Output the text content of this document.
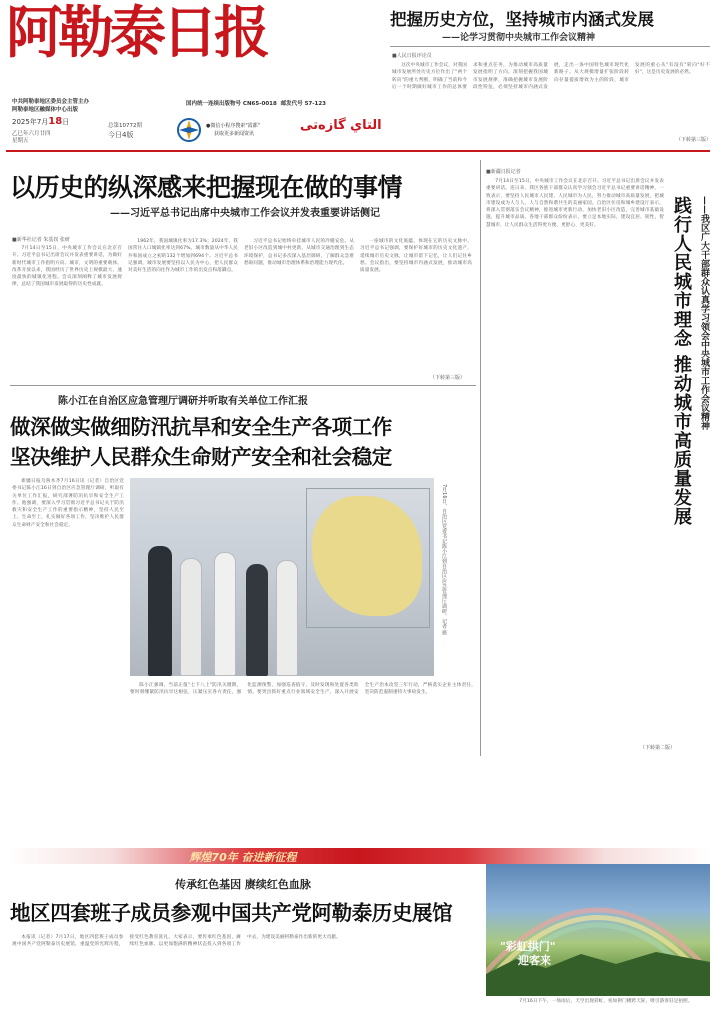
阿勒泰日报
中共阿勒泰地区委员会主管主办
阿勒泰地区融媒体中心出版
2025年7月18日
乙巳年六月廿四
星期五
总第10772期
今日4版
国内统一连续出版物号 CN65-0018 邮发代号 57-123
●微信小程序搜索"霞都"
获取更多新闻资讯
التاي گازەتى
把握历史方位，坚持城市内涵式发展
——论学习贯彻中央城市工作会议精神
■人民日报评论员

这次中央城市工作会议，对我国城市发展所处历史方位作出了"两个转向"的重大判断，明确了当前和今后一个时期做好城市工作的总体要求和重点任务，为推动城市高质量发展指明了方向。深刻把握我国城市发展规律，准确把握城市发展阶段性特征，必须坚持城市内涵式发展，走出一条中国特色城市现代化新路子。从大规模增量扩张阶段转向存量提质增效为主的阶段，城市发展的重心从"有没有"转向"好不好"，这是历史发展的必然。

（下转第三版）
以历史的纵深感来把握现在做的事情
——习近平总书记出席中央城市工作会议并发表重要讲话侧记
■新华社记者 朱基钗 张研

7月14日至15日，中央城市工作会议在北京召开。习近平总书记出席会议并发表重要讲话，为做好新时代城市工作指明方向。城市，文明的重要载体。改革开放以来，我国经历了世界历史上规模最大、速度最快的城镇化进程。会议深刻阐释了城市发展规律，总结了我国城市发展取得的历史性成就。

1962年，我国城镇化率为17.3%；2024年，我国常住人口城镇化率达到67%。城市数量从中华人民共和国成立之初的132个增加到694个。习近平总书记强调，城市发展要坚持以人民为中心，把人民群众对美好生活的向往作为城市工作的出发点和落脚点。

习近平总书记始终牵挂城市人民的冷暖安危。从老旧小区改造到城中村更新，从城市交通治理到生态环境保护，总书记多次深入基层调研，了解群众急难愁盼问题，推动城市治理体系和治理能力现代化。

一座城市的文化底蕴，体现在它的历史文脉中。习近平总书记强调，要保护好城市的历史文化遗产，延续城市历史文脉，让城市留下记忆，让人们记住乡愁。会议指出，要坚持城市内涵式发展，推动城市高质量发展。

（下转第三版）
■新疆日报记者

7月14日至15日，中央城市工作会议在北京召开。习近平总书记出席会议并发表重要讲话。连日来，我区各族干部群众认真学习领会习近平总书记重要讲话精神，一致表示，要坚持人民城市人民建、人民城市为人民，努力推动城市高质量发展，把城市建设成为人与人、人与自然和谐共生的美丽家园。自治区住房和城乡建设厅表示，将深入贯彻落实会议精神，推进城市更新行动，加快老旧小区改造，完善城市基础设施，提升城市品质。各地干部群众纷纷表示，要立足本地实际，建设宜居、韧性、智慧城市，让人民群众生活得更方便、更舒心、更美好。	践行人民城市理念 推动城市高质量发展 ——我区广大干部群众认真学习领会中央城市工作会议精神
（下转第二版）
陈小江在自治区应急管理厅调研并听取有关单位工作汇报
做深做实做细防汛抗旱和安全生产各项工作
坚决维护人民群众生命财产安全和社会稳定

新疆日报乌鲁木齐7月16日讯（记者）自治区党委书记陈小江16日到自治区应急管理厅调研，听取有关单位工作汇报，研究部署防汛抗旱和安全生产工作。他强调，要深入学习贯彻习近平总书记关于防汛救灾和安全生产工作的重要指示精神，坚持人民至上、生命至上，扎实做好各项工作，坚决维护人民群众生命财产安全和社会稳定。	7月16日，自治区党委书记陈小江到自治区应急管理厅调研。记者 摄

陈小江强调，当前正值"七下八上"防汛关键期，要时刻绷紧防汛抗旱这根弦，压紧压实各方责任，强化监测预警，加强巡查值守，及时发现和处置各类险情。要突出抓好重点行业领域安全生产，深入开展安全生产治本攻坚三年行动，严格落实企业主体责任，坚决防范遏制重特大事故发生。

辉煌70年 奋进新征程
传承红色基因 赓续红色血脉
地区四套班子成员参观中国共产党阿勒泰历史展馆

本报讯（记者）7月17日，地区四套班子成员参观中国共产党阿勒泰历史展馆，重温党的光辉历程，接受红色教育洗礼。大家表示，要传承红色基因，赓续红色血脉，以更加饱满的精神状态投入到各项工作中去，为建设美丽阿勒泰作出新的更大贡献。

"彩虹拱门"
迎客来

7月16日下午，一场雨后，天空出现彩虹，宛如拱门横跨天际，吸引游客驻足拍照。
